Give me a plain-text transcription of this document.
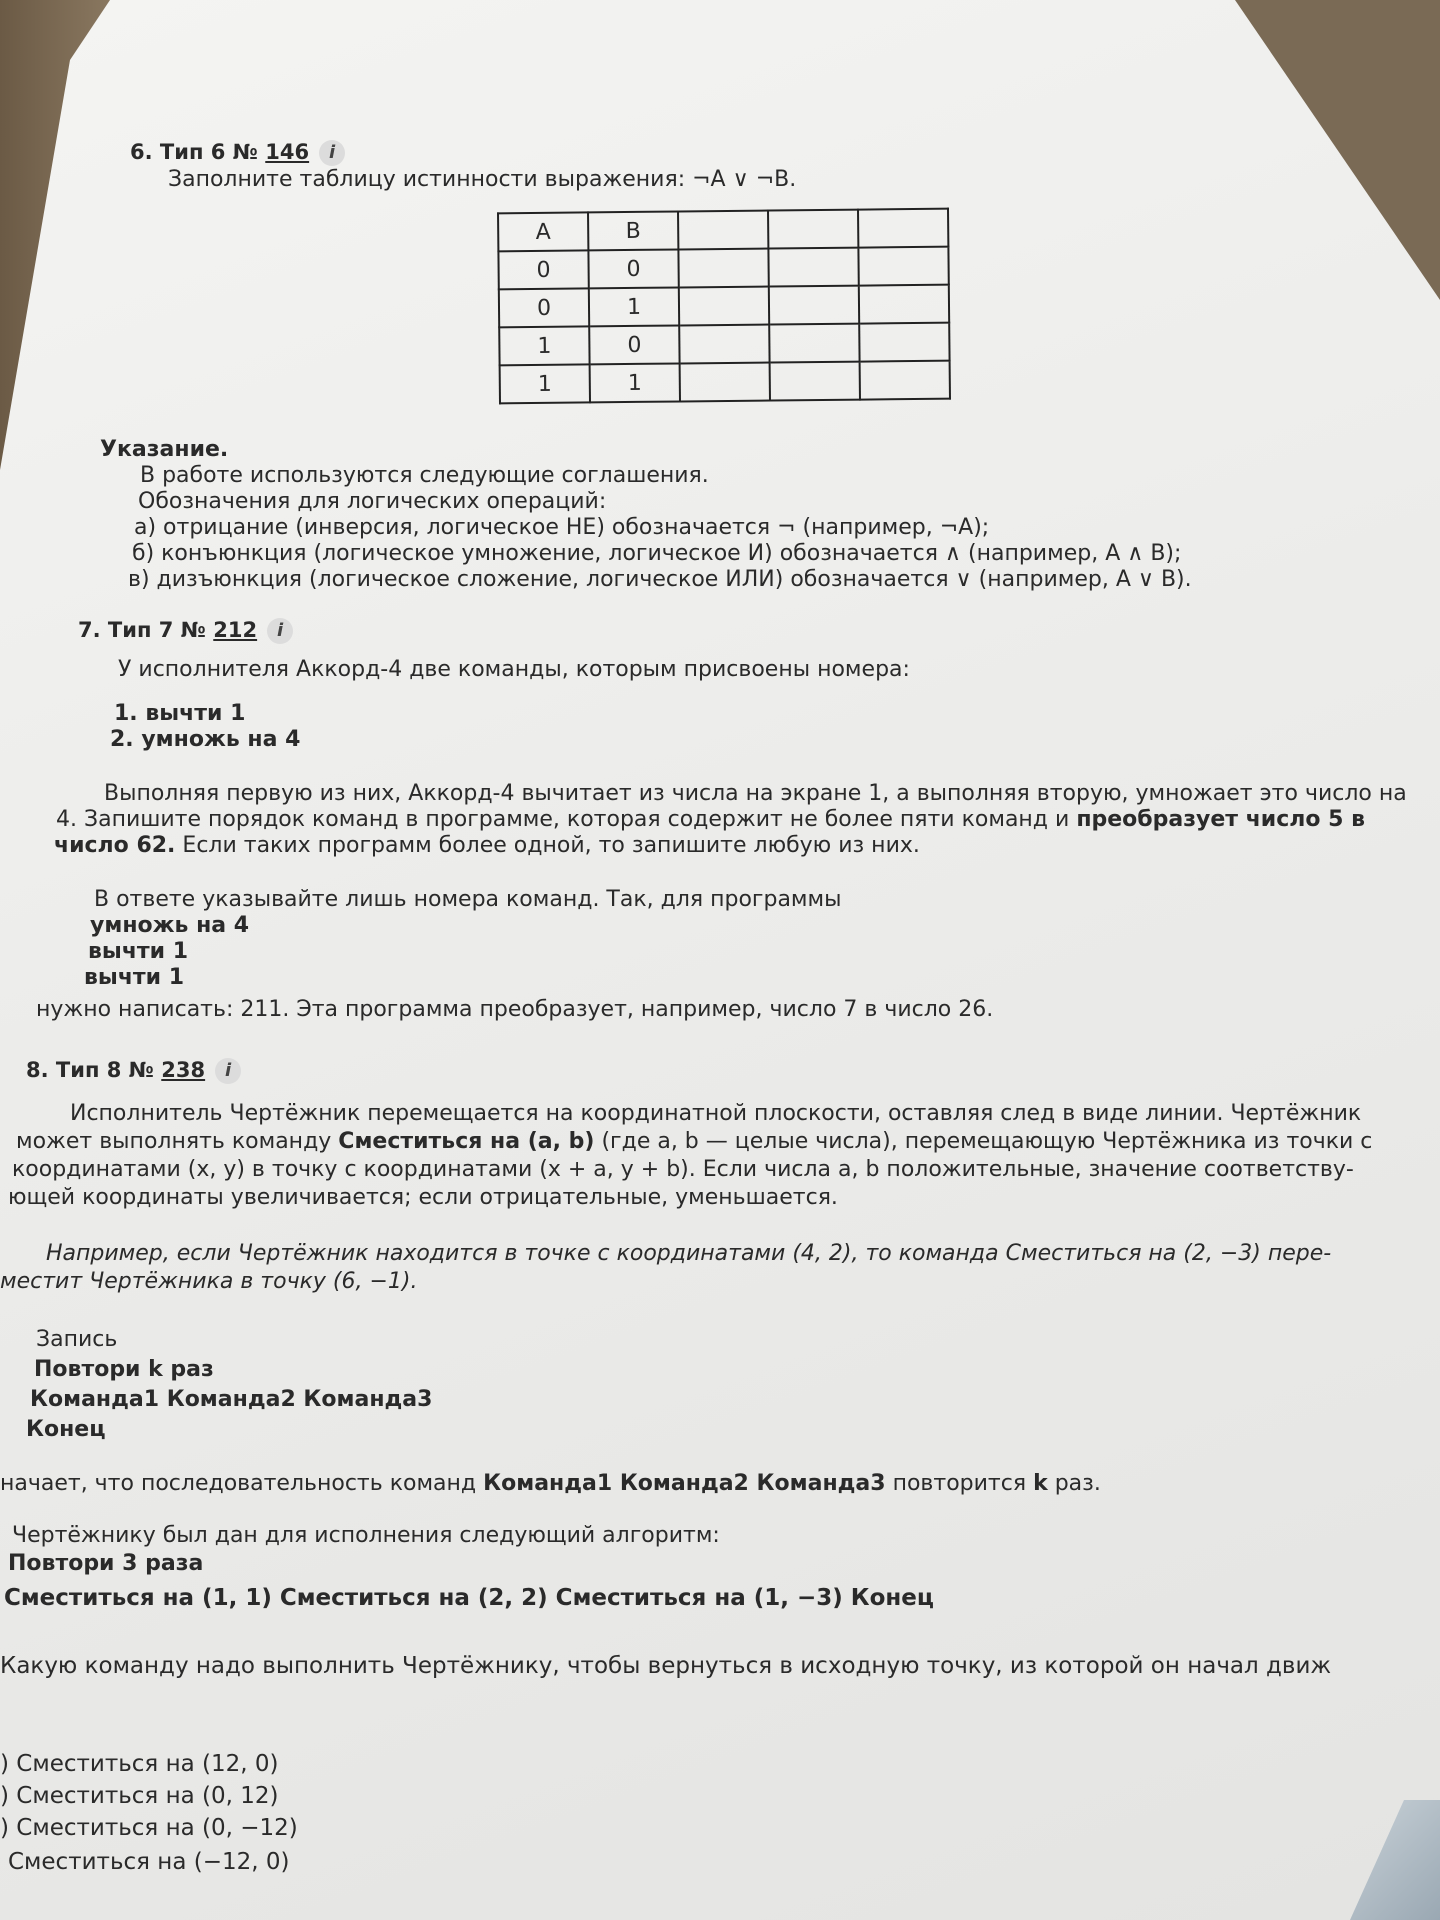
6. Тип 6 № 146 i
Заполните таблицу истинности выражения: ¬A ∨ ¬B.
A	B			
0	0			
0	1			
1	0			
1	1			
Указание.
В работе используются следующие соглашения.
Обозначения для логических операций:
а) отрицание (инверсия, логическое НЕ) обозначается ¬ (например, ¬A);
б) конъюнкция (логическое умножение, логическое И) обозначается ∧ (например, A ∧ B);
в) дизъюнкция (логическое сложение, логическое ИЛИ) обозначается ∨ (например, A ∨ B).
7. Тип 7 № 212 i
У исполнителя Аккорд-4 две команды, которым присвоены номера:
1. вычти 1
2. умножь на 4
Выполняя первую из них, Аккорд-4 вычитает из числа на экране 1, а выполняя вторую, умножает это число на
4. Запишите порядок команд в программе, которая содержит не более пяти команд и преобразует число 5 в
число 62. Если таких программ более одной, то запишите любую из них.
В ответе указывайте лишь номера команд. Так, для программы
умножь на 4
вычти 1
вычти 1
нужно написать: 211. Эта программа преобразует, например, число 7 в число 26.
8. Тип 8 № 238 i
Исполнитель Чертёжник перемещается на координатной плоскости, оставляя след в виде линии. Чертёжник
может выполнять команду Сместиться на (a, b) (где a, b — целые числа), перемещающую Чертёжника из точки с
координатами (x, y) в точку с координатами (x + a, y + b). Если числа a, b положительные, значение соответству-
ющей координаты увеличивается; если отрицательные, уменьшается.
Например, если Чертёжник находится в точке с координатами (4, 2), то команда Сместиться на (2, −3) пере-
местит Чертёжника в точку (6, −1).
Запись
Повтори k раз
Команда1 Команда2 Команда3
Конец
начает, что последовательность команд Команда1 Команда2 Команда3 повторится k раз.
Чертёжнику был дан для исполнения следующий алгоритм:
Повтори 3 раза
Сместиться на (1, 1) Сместиться на (2, 2) Сместиться на (1, −3) Конец
Какую команду надо выполнить Чертёжнику, чтобы вернуться в исходную точку, из которой он начал движ
) Сместиться на (12, 0)
) Сместиться на (0, 12)
) Сместиться на (0, −12)
Сместиться на (−12, 0)
